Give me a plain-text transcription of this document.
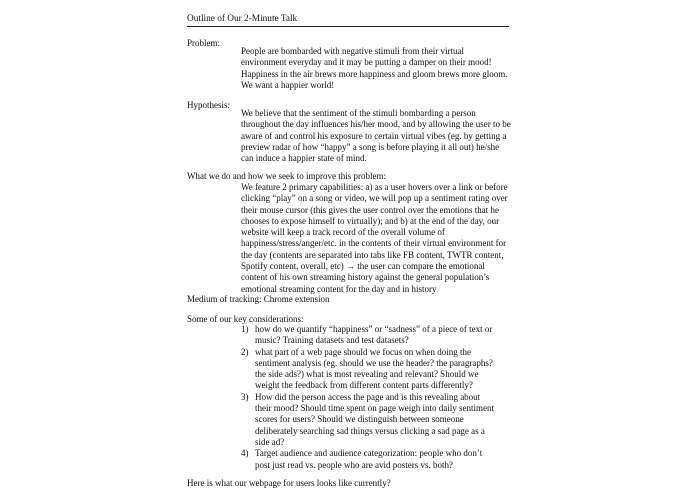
Outline of Our 2-Minute Talk
Problem:

People are bombarded with negative stimuli from their virtual
environment everyday and it may be putting a damper on their mood!
Happiness in the air brews more happiness and gloom brews more gloom.
We want a happier world!

Hypothesis:

We believe that the sentiment of the stimuli bombarding a person
throughout the day influences his/her mood, and by allowing the user to be
aware of and control his exposure to certain virtual vibes (eg. by getting a
preview radar of how “happy” a song is before playing it all out) he/she
can induce a happier state of mind.

What we do and how we seek to improve this problem:

We feature 2 primary capabilities: a) as a user hovers over a link or before
clicking “play” on a song or video, we will pop up a sentiment rating over
their mouse cursor (this gives the user control over the emotions that he
chooses to expose himself to virtually); and b) at the end of the day, our
website will keep a track record of the overall volume of
happiness/stress/anger/etc. in the contents of their virtual environment for
the day (contents are separated into tabs like FB content, TWTR content,
Spotify content, overall, etc) → the user can compare the emotional
content of his own streaming history against the general population’s
emotional streaming content for the day and in history

Medium of tracking: Chrome extension
Some of our key considerations:
1) how do we quantify “happiness” or “sadness” of a piece of text or
music? Training datasets and test datasets?
2) what part of a web page should we focus on when doing the
sentiment analysis (eg. should we use the header? the paragraphs?
the side ads?) what is most revealing and relevant? Should we
weight the feedback from different content parts differently?
3) How did the person access the page and is this revealing about
their mood? Should time spent on page weigh into daily sentiment
scores for users? Should we distinguish between someone
deliberately searching sad things versus clicking a sad page as a
side ad?
4) Target audience and audience categorization: people who don’t
post just read vs. people who are avid posters vs. both?
Here is what our webpage for users looks like currently?
